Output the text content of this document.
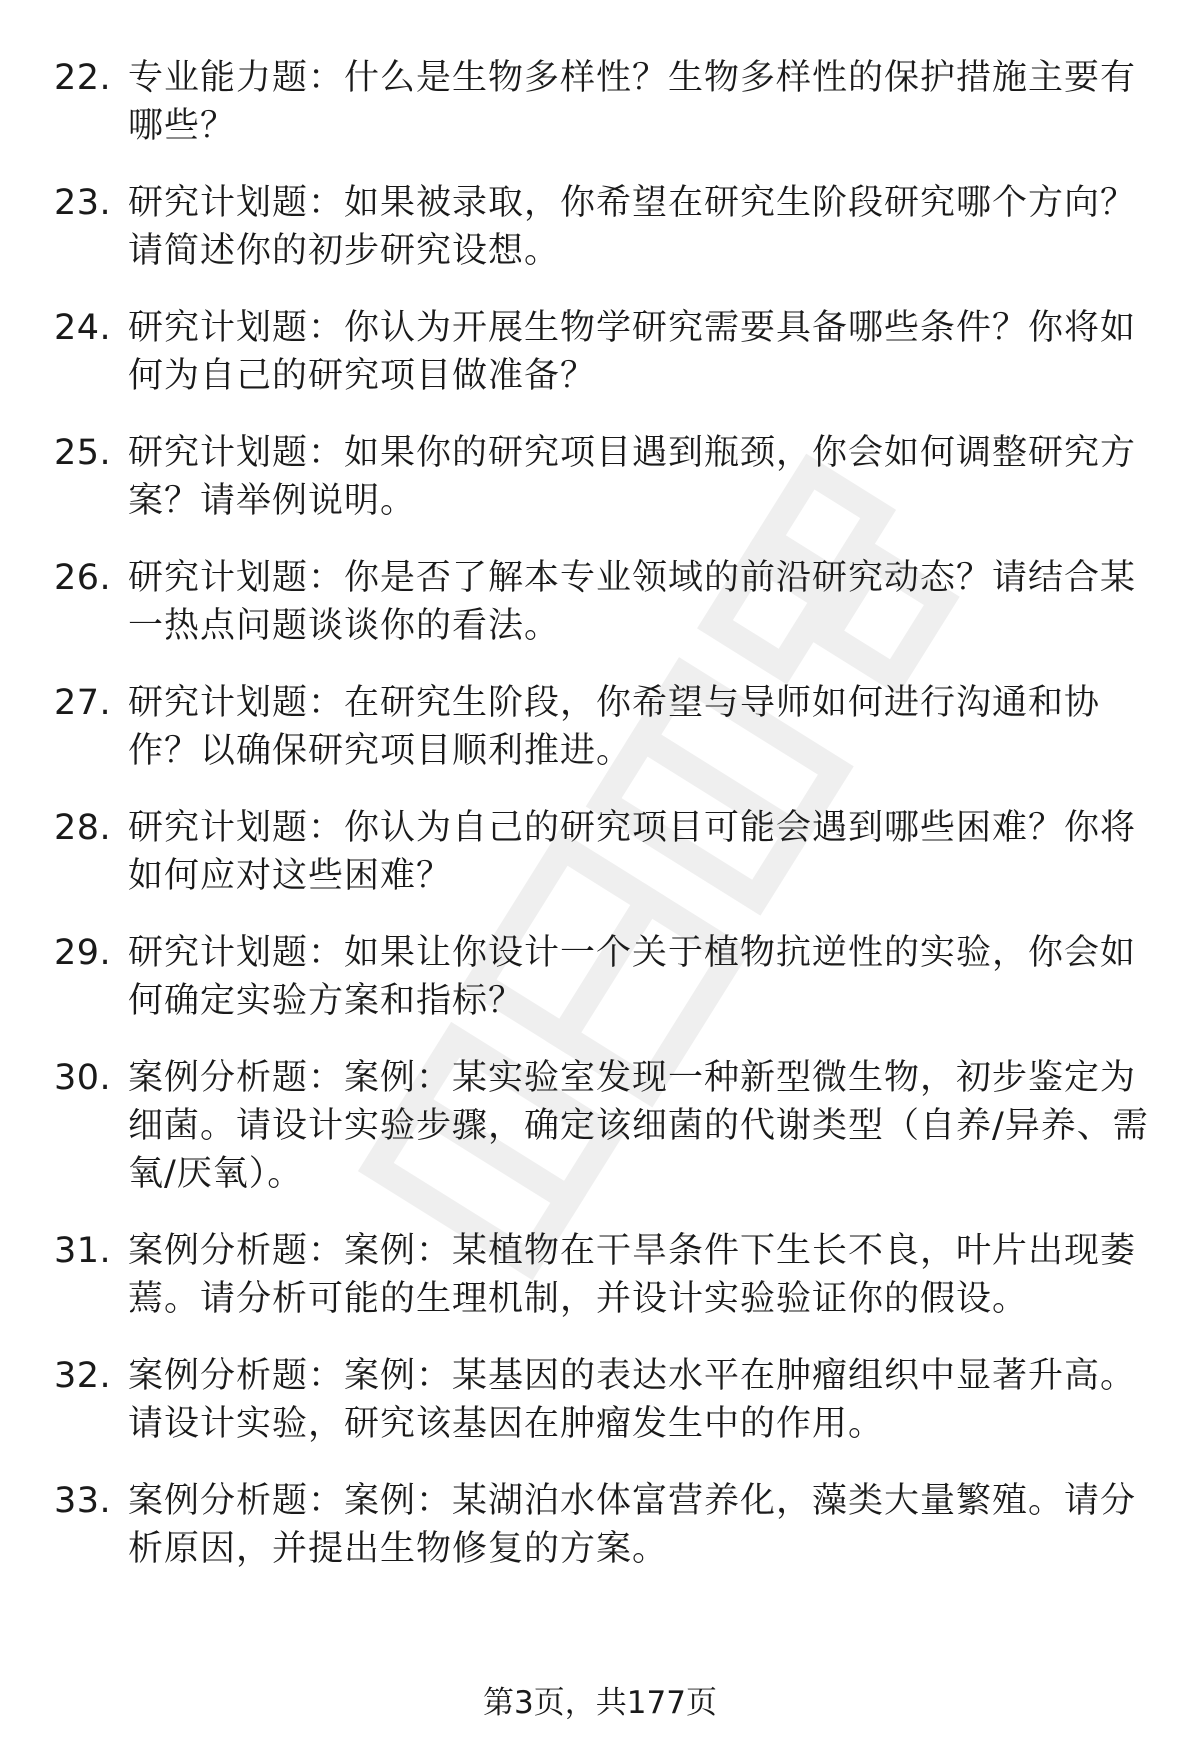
22. 专业能力题：什么是生物多样性？生物多样性的保护措施主要有哪些？
23. 研究计划题：如果被录取，你希望在研究生阶段研究哪个方向？请简述你的初步研究设想。
24. 研究计划题：你认为开展生物学研究需要具备哪些条件？你将如何为自己的研究项目做准备？
25. 研究计划题：如果你的研究项目遇到瓶颈，你会如何调整研究方案？请举例说明。
26. 研究计划题：你是否了解本专业领域的前沿研究动态？请结合某一热点问题谈谈你的看法。
27. 研究计划题：在研究生阶段，你希望与导师如何进行沟通和协作？以确保研究项目顺利推进。
28. 研究计划题：你认为自己的研究项目可能会遇到哪些困难？你将如何应对这些困难？
29. 研究计划题：如果让你设计一个关于植物抗逆性的实验，你会如何确定实验方案和指标？
30. 案例分析题：案例：某实验室发现一种新型微生物，初步鉴定为细菌。请设计实验步骤，确定该细菌的代谢类型（自养/异养、需氧/厌氧）。
31. 案例分析题：案例：某植物在干旱条件下生长不良，叶片出现萎蔫。请分析可能的生理机制，并设计实验验证你的假设。
32. 案例分析题：案例：某基因的表达水平在肿瘤组织中显著升高。请设计实验，研究该基因在肿瘤发生中的作用。
33. 案例分析题：案例：某湖泊水体富营养化，藻类大量繁殖。请分析原因，并提出生物修复的方案。
第3页，共177页
